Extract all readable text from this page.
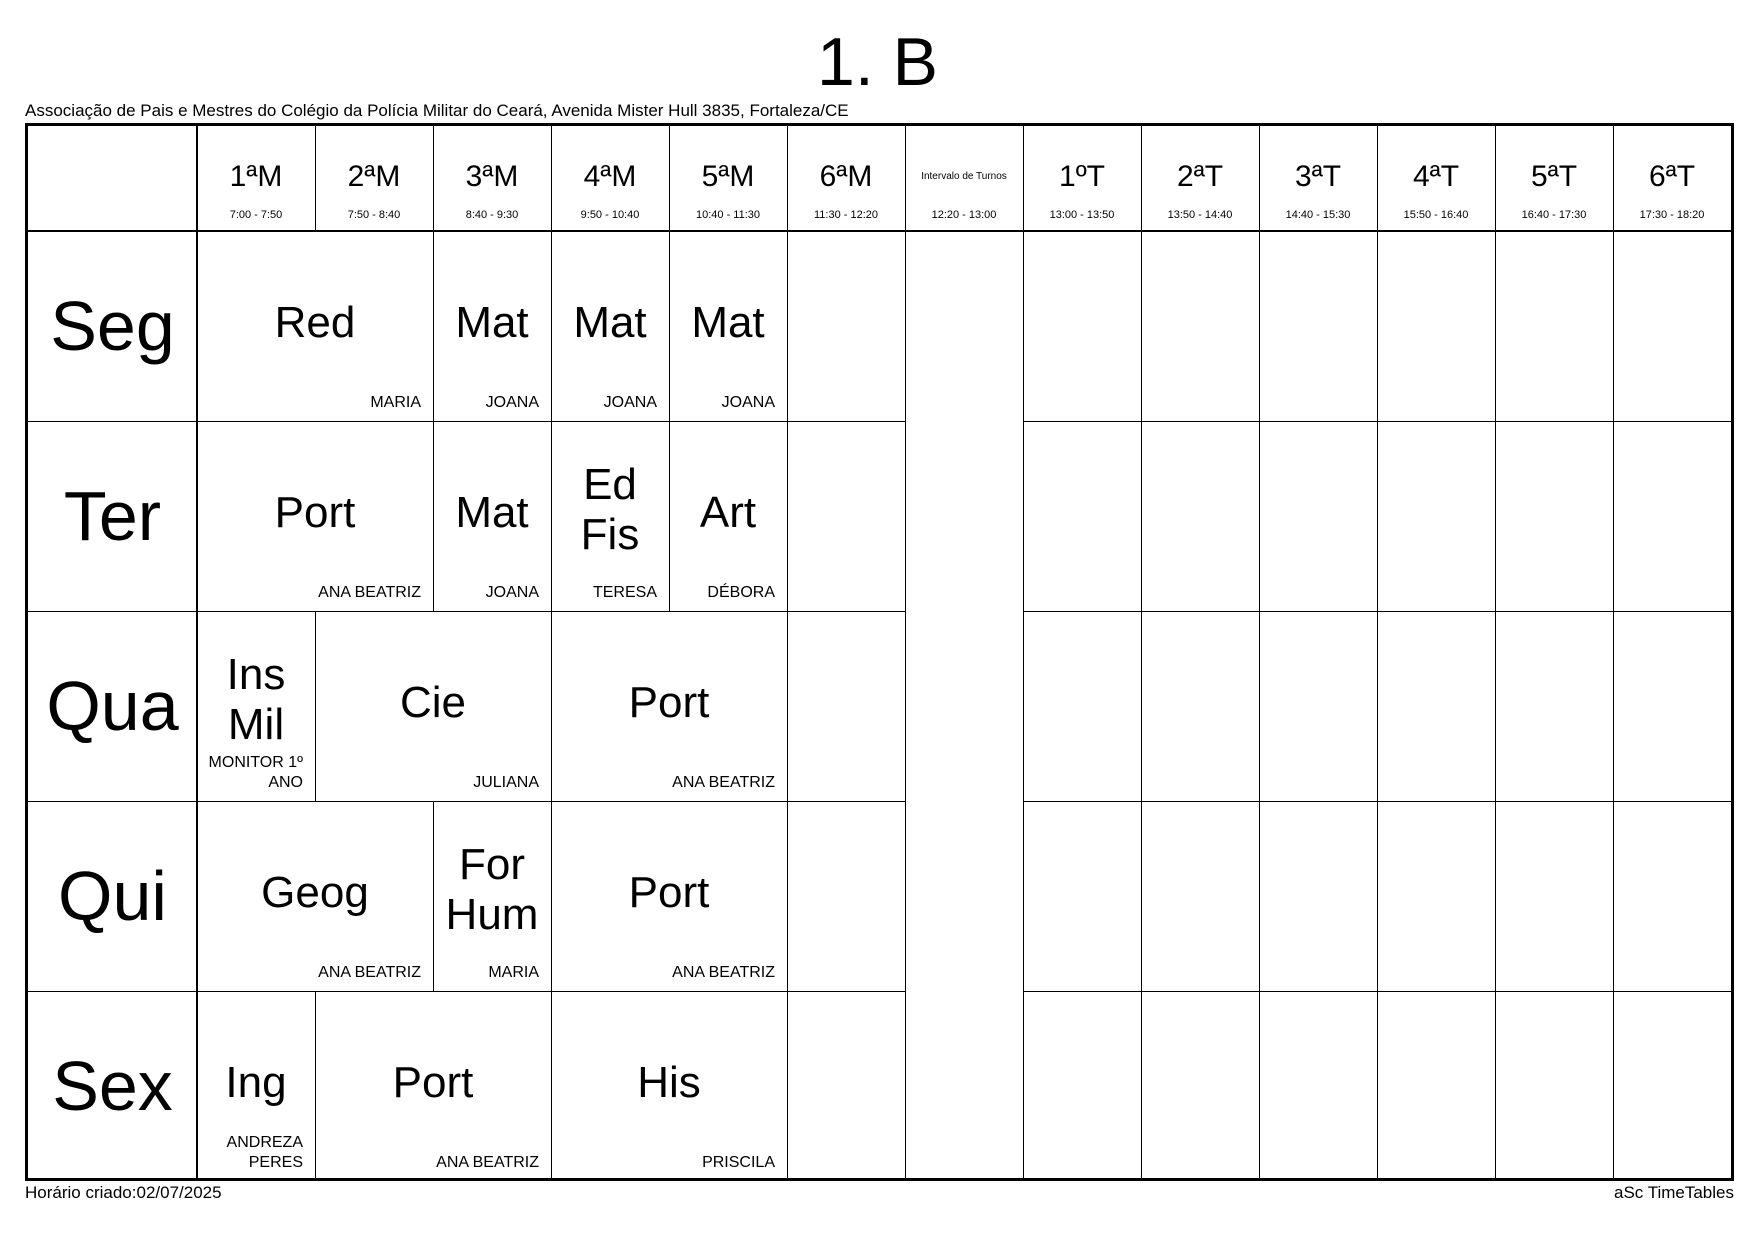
1. B
Associação de Pais e Mestres do Colégio da Polícia Militar do Ceará, Avenida Mister Hull 3835, Fortaleza/CE
1ªM
7:00 - 7:50
2ªM
7:50 - 8:40
3ªM
8:40 - 9:30
4ªM
9:50 - 10:40
5ªM
10:40 - 11:30
6ªM
11:30 - 12:20
Intervalo de Turnos
12:20 - 13:00
1ºT
13:00 - 13:50
2ªT
13:50 - 14:40
3ªT
14:40 - 15:30
4ªT
15:50 - 16:40
5ªT
16:40 - 17:30
6ªT
17:30 - 18:20
Seg
Ter
Qua
Qui
Sex
Red
MARIA
Mat
JOANA
Mat
JOANA
Mat
JOANA
Port
ANA BEATRIZ
Mat
JOANA
Ed
Fis
TERESA
Art
DÉBORA
Ins
Mil
MONITOR 1º
ANO
Cie
JULIANA
Port
ANA BEATRIZ
Geog
ANA BEATRIZ
For
Hum
MARIA
Port
ANA BEATRIZ
Ing
ANDREZA
PERES
Port
ANA BEATRIZ
His
PRISCILA
Horário criado:02/07/2025	aSc TimeTables
